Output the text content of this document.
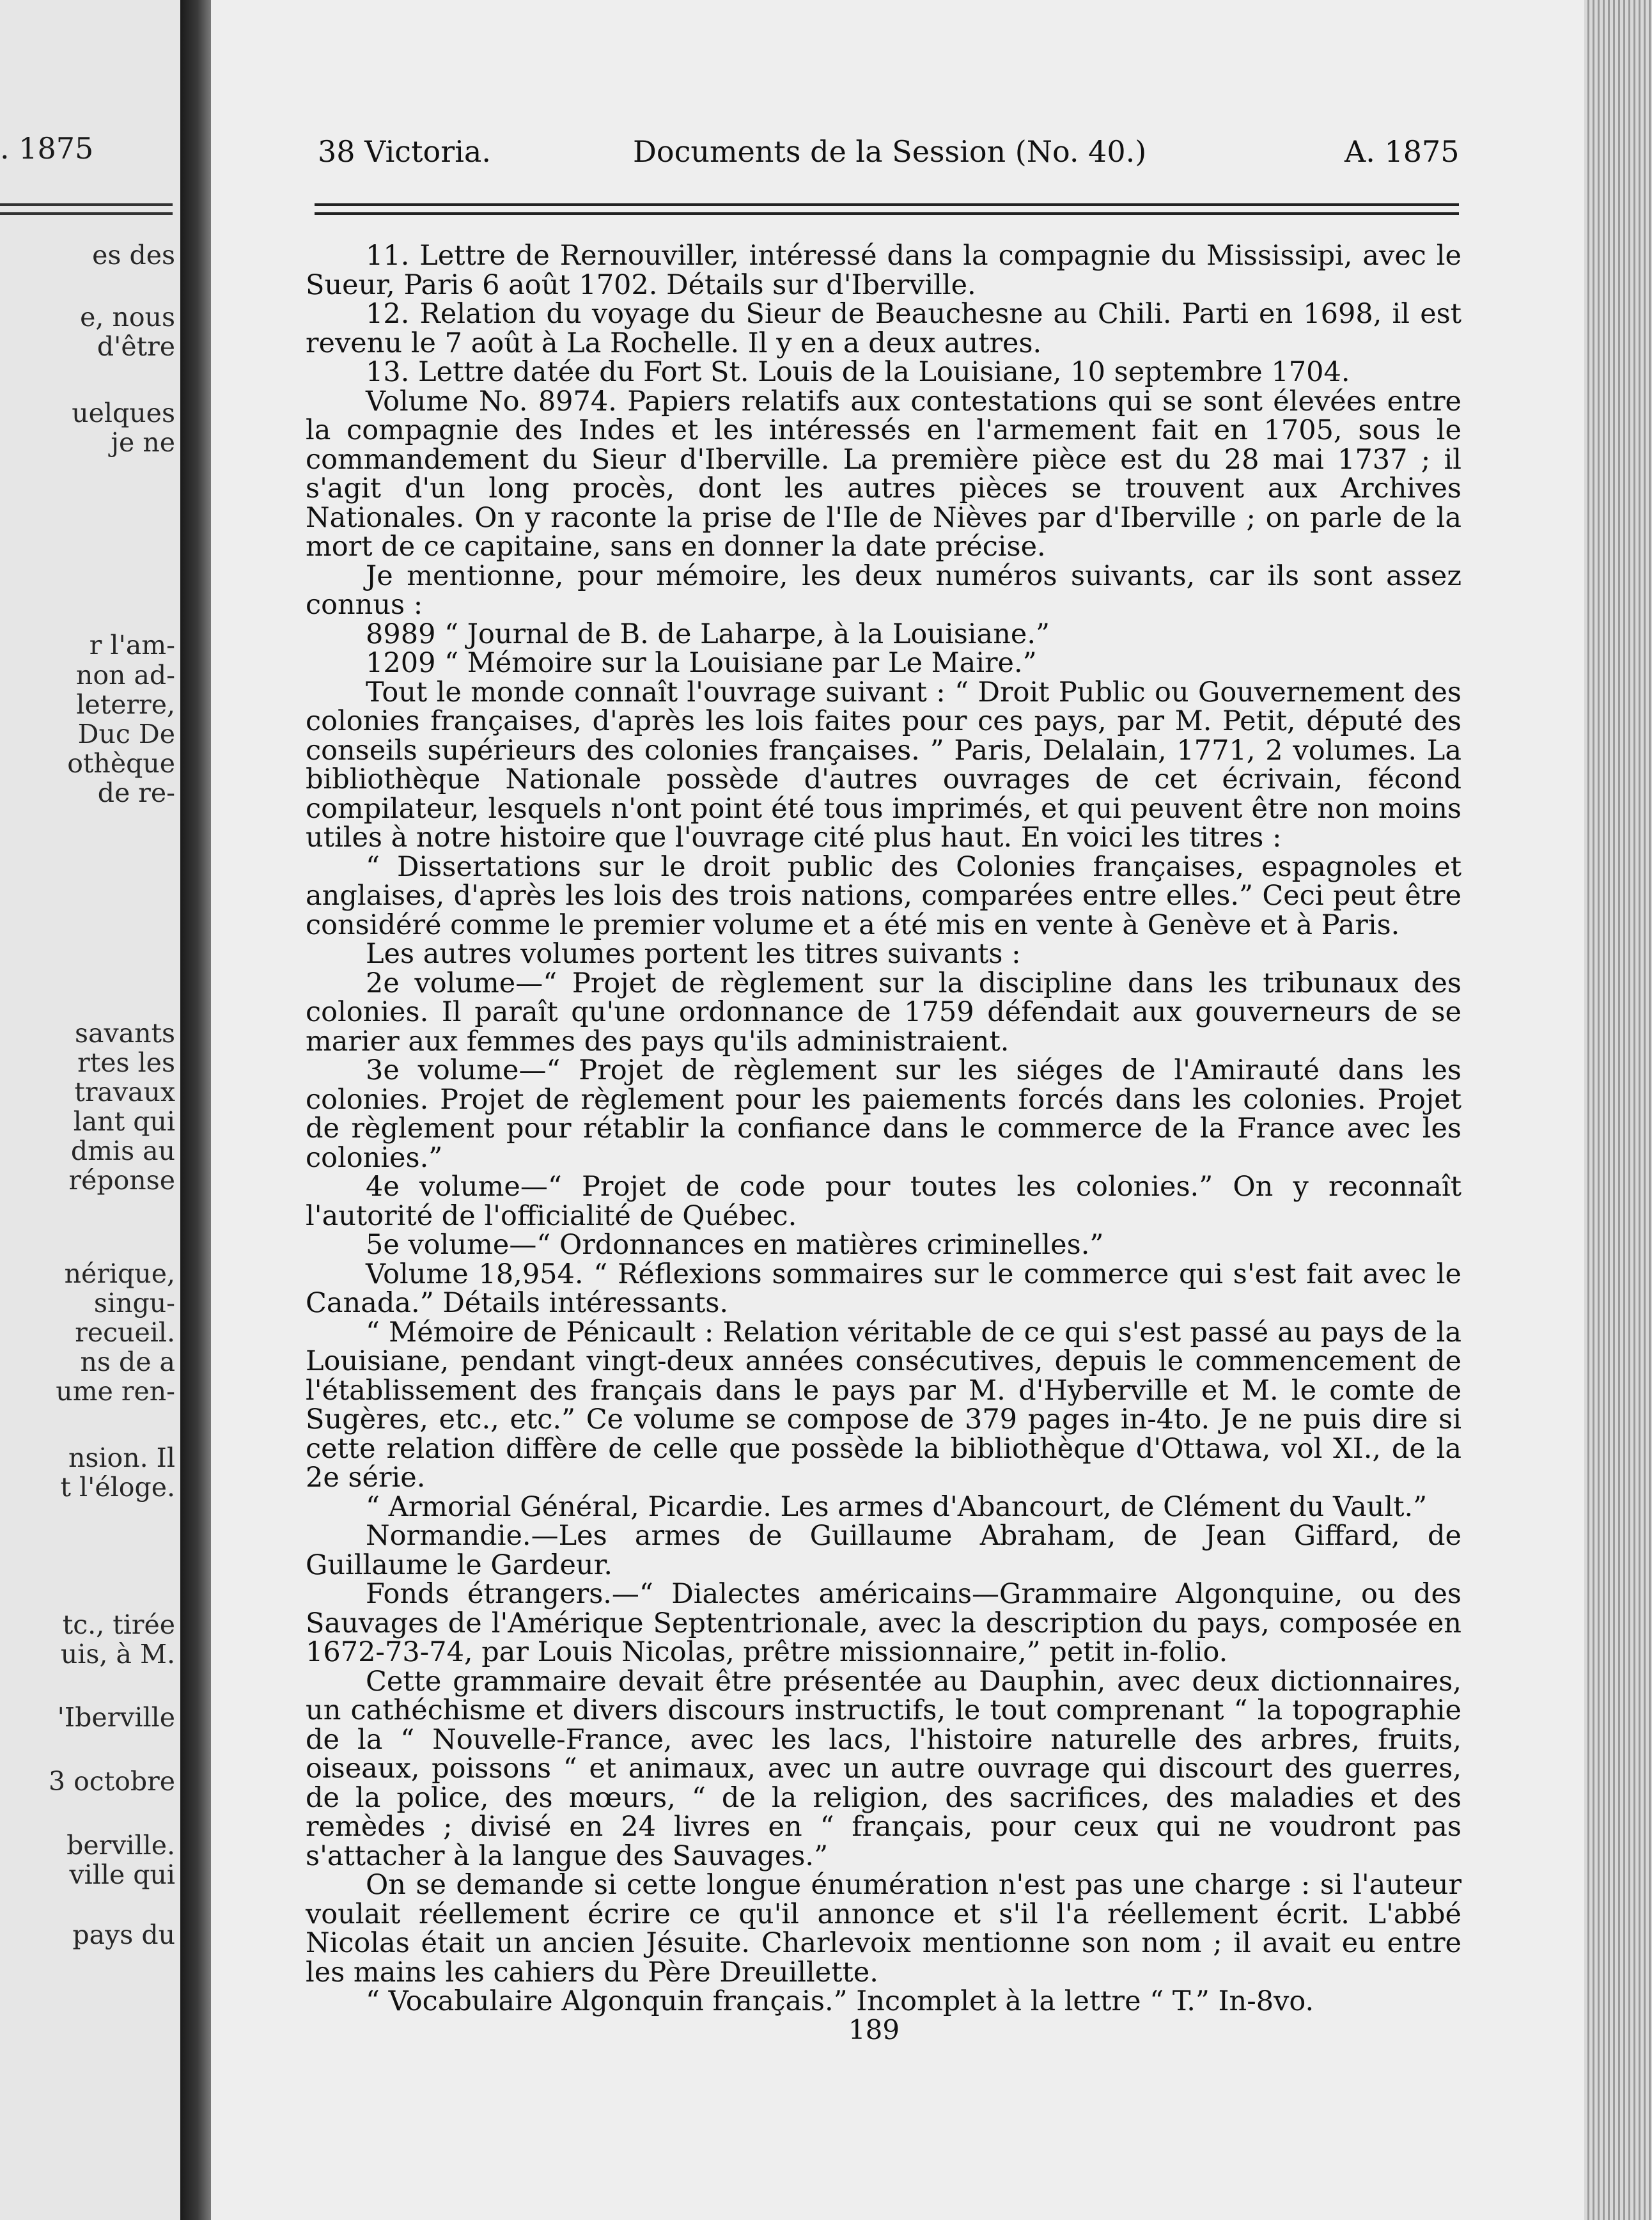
. 1875
es des
e, nous
d'être
uelques
je ne
r l'am-
non ad-
leterre,
Duc De
othèque
de re-
savants
rtes les
travaux
lant qui
dmis au
réponse
nérique,
singu-
recueil.
ns de a
ume ren-
nsion. Il
t l'éloge.
tc., tirée
uis, à M.
'Iberville
3 octobre
berville.
ville qui
pays du
38 Victoria.	Documents de la Session (No. 40.)	A. 1875

11. Lettre de Rernouviller, intéressé dans la compagnie du Mississipi, avec le Sueur, Paris 6 août 1702. Détails sur d'Iberville.

12. Relation du voyage du Sieur de Beauchesne au Chili. Parti en 1698, il est revenu le 7 août à La Rochelle. Il y en a deux autres.

13. Lettre datée du Fort St. Louis de la Louisiane, 10 septembre 1704.

Volume No. 8974. Papiers relatifs aux contestations qui se sont élevées entre la compagnie des Indes et les intéressés en l'armement fait en 1705, sous le commandement du Sieur d'Iberville. La première pièce est du 28 mai 1737 ; il s'agit d'un long procès, dont les autres pièces se trouvent aux Archives Nationales. On y raconte la prise de l'Ile de Nièves par d'Iberville ; on parle de la mort de ce capitaine, sans en donner la date précise.

Je mentionne, pour mémoire, les deux numéros suivants, car ils sont assez connus :

8989 “ Journal de B. de Laharpe, à la Louisiane.”

1209 “ Mémoire sur la Louisiane par Le Maire.”

Tout le monde connaît l'ouvrage suivant : “ Droit Public ou Gouvernement des colonies françaises, d'après les lois faites pour ces pays, par M. Petit, député des conseils supérieurs des colonies françaises. ” Paris, Delalain, 1771, 2 volumes. La bibliothèque Nationale possède d'autres ouvrages de cet écrivain, fécond compilateur, lesquels n'ont point été tous imprimés, et qui peuvent être non moins utiles à notre histoire que l'ouvrage cité plus haut. En voici les titres :

“ Dissertations sur le droit public des Colonies françaises, espagnoles et anglaises, d'après les lois des trois nations, comparées entre elles.” Ceci peut être considéré comme le premier volume et a été mis en vente à Genève et à Paris.

Les autres volumes portent les titres suivants :

2e volume—“ Projet de règlement sur la discipline dans les tribunaux des colonies. Il paraît qu'une ordonnance de 1759 défendait aux gouverneurs de se marier aux femmes des pays qu'ils administraient.

3e volume—“ Projet de règlement sur les siéges de l'Amirauté dans les colonies. Projet de règlement pour les paiements forcés dans les colonies. Projet de règlement pour rétablir la confiance dans le commerce de la France avec les colonies.”

4e volume—“ Projet de code pour toutes les colonies.” On y reconnaît l'autorité de l'officialité de Québec.

5e volume—“ Ordonnances en matières criminelles.”

Volume 18,954. “ Réflexions sommaires sur le commerce qui s'est fait avec le Canada.” Détails intéressants.

“ Mémoire de Pénicault : Relation véritable de ce qui s'est passé au pays de la Louisiane, pendant vingt-deux années consécutives, depuis le commencement de l'établissement des français dans le pays par M. d'Hyberville et M. le comte de Sugères, etc., etc.” Ce volume se compose de 379 pages in-4to. Je ne puis dire si cette relation diffère de celle que possède la bibliothèque d'Ottawa, vol XI., de la 2e série.

“ Armorial Général, Picardie. Les armes d'Abancourt, de Clément du Vault.”

Normandie.—Les armes de Guillaume Abraham, de Jean Giffard, de Guillaume le Gardeur.

Fonds étrangers.—“ Dialectes américains—Grammaire Algonquine, ou des Sauvages de l'Amérique Septentrionale, avec la description du pays, composée en 1672-73-74, par Louis Nicolas, prêtre missionnaire,” petit in-folio.

Cette grammaire devait être présentée au Dauphin, avec deux dictionnaires, un cathéchisme et divers discours instructifs, le tout comprenant “ la topographie de la “ Nouvelle-France, avec les lacs, l'histoire naturelle des arbres, fruits, oiseaux, poissons “ et animaux, avec un autre ouvrage qui discourt des guerres, de la police, des mœurs, “ de la religion, des sacrifices, des maladies et des remèdes ; divisé en 24 livres en “ français, pour ceux qui ne voudront pas s'attacher à la langue des Sauvages.”

On se demande si cette longue énumération n'est pas une charge : si l'auteur voulait réellement écrire ce qu'il annonce et s'il l'a réellement écrit. L'abbé Nicolas était un ancien Jésuite. Charlevoix mentionne son nom ; il avait eu entre les mains les cahiers du Père Dreuillette.

“ Vocabulaire Algonquin français.” Incomplet à la lettre “ T.” In-8vo.

189
